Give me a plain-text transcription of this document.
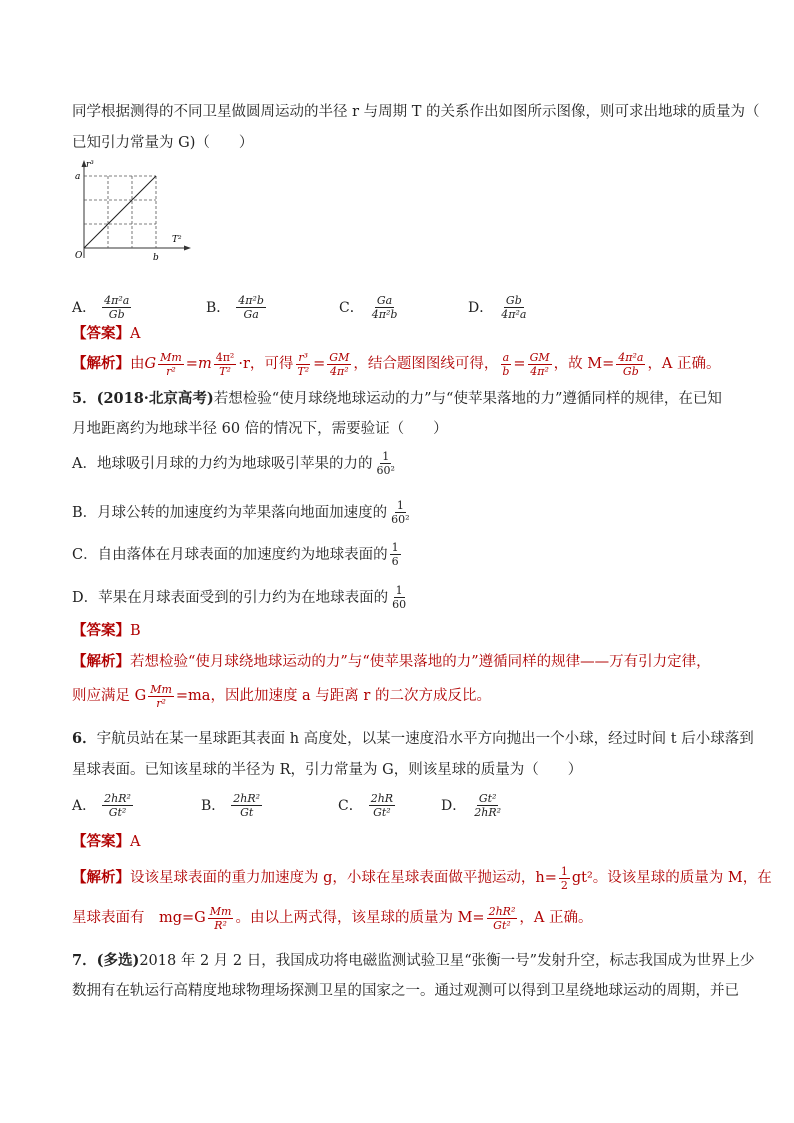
同学根据测得的不同卫星做圆周运动的半径 r 与周期 T 的关系作出如图所示图像，则可求出地球的质量为（
已知引力常量为 G)（　　）
r³
a
O	b
T²
A． $\frac{\text{4π²a}}{Gb}$	B． $\frac{\text{4π²b}}{Ga}$	C． $\frac{Ga}{\text{4π²b}}$	D． $\frac{Gb}{\text{4π²a}}$
【答案】A
【解析】 由 G $\frac{Mm}{\text{r²}} =m \frac{\text{4π²}}{\text{T²}} \cdot r$，可得 $\frac{\text{r³}}{\text{T²}} = \frac{GM}{\text{4π²}}$ ，结合题图图线可得， $\frac{a}{b} = \frac{GM}{\text{4π²}}$ ，故 $M= \frac{\text{4π²a}}{Gb}$ ，A 正确。
5．(2018·北京高考)若想检验“使月球绕地球运动的力”与“使苹果落地的力”遵循同样的规律，在已知
月地距离约为地球半径 60 倍的情况下，需要验证（　　）
A．地球吸引月球的力约为地球吸引苹果的力的 $\frac{1}{\text{60²}}$
B．月球公转的加速度约为苹果落向地面加速度的 $\frac{1}{\text{60²}}$
C．自由落体在月球表面的加速度约为地球表面的 $\frac{1}{6}$
D．苹果在月球表面受到的引力约为在地球表面的 $\frac{1}{60}$
【答案】B
【解析】若想检验“使月球绕地球运动的力”与“使苹果落地的力”遵循同样的规律——万有引力定律，
则应满足 G $\frac{Mm}{\text{r²}} =ma$，因此加速度 a 与距离 r 的二次方成反比。
6．宇航员站在某一星球距其表面 h 高度处，以某一速度沿水平方向抛出一个小球，经过时间 t 后小球落到
星球表面。已知该星球的半径为 R，引力常量为 G，则该星球的质量为（　　）
A． $\frac{\text{2hR²}}{\text{Gt²}}$	B． $\frac{\text{2hR²}}{Gt}$	C． $\frac{2hR}{\text{Gt²}}$	D． $\frac{\text{Gt²}}{\text{2hR²}}$
【答案】A
【解析】 设该星球表面的重力加速度为 g，小球在星球表面做平抛运动，$h= \frac{1}{2} gt^2$。设该星球的质量为 M，在
星球表面有　$mg=G \frac{Mm}{\text{R²}}$ 。由以上两式得，该星球的质量为 $M= \frac{\text{2hR²}}{\text{Gt²}}$ ，A 正确。
7．(多选)2018 年 2 月 2 日，我国成功将电磁监测试验卫星“张衡一号”发射升空，标志我国成为世界上少
数拥有在轨运行高精度地球物理场探测卫星的国家之一。通过观测可以得到卫星绕地球运动的周期，并已
